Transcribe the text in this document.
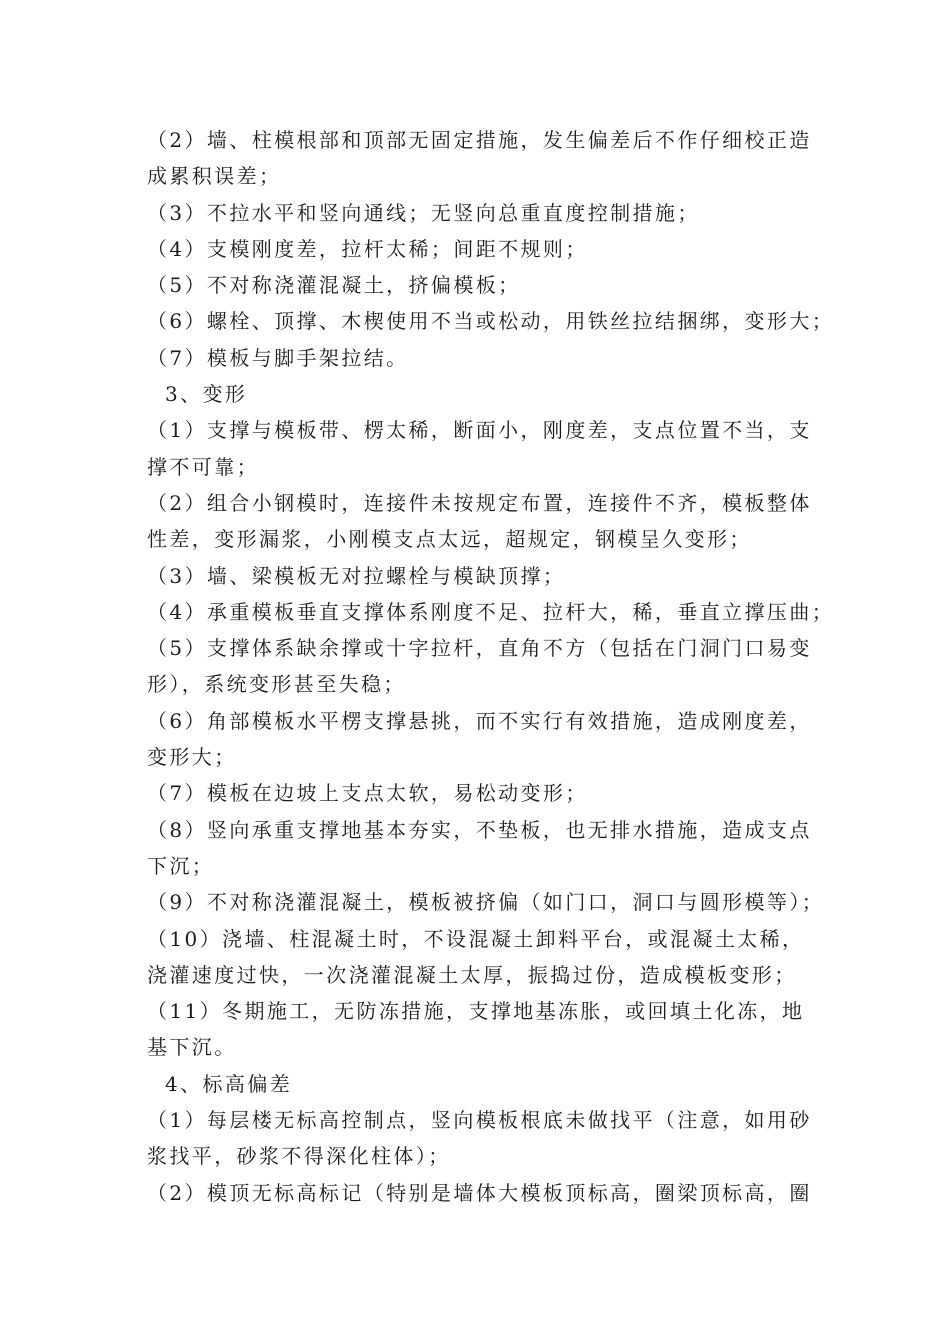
（2）墙、柱模根部和顶部无固定措施，发生偏差后不作仔细校正造
成累积误差；
（3）不拉水平和竖向通线；无竖向总重直度控制措施；
（4）支模刚度差，拉杆太稀；间距不规则；
（5）不对称浇灌混凝土，挤偏模板；
（6）螺栓、顶撑、木楔使用不当或松动，用铁丝拉结捆绑，变形大；
（7）模板与脚手架拉结。
3、变形
（1）支撑与模板带、楞太稀，断面小，刚度差，支点位置不当，支
撑不可靠；
（2）组合小钢模时，连接件未按规定布置，连接件不齐，模板整体
性差，变形漏浆，小刚模支点太远，超规定，钢模呈久变形；
（3）墙、梁模板无对拉螺栓与模缺顶撑；
（4）承重模板垂直支撑体系刚度不足、拉杆大，稀，垂直立撑压曲；
（5）支撑体系缺余撑或十字拉杆，直角不方（包括在门洞门口易变
形），系统变形甚至失稳；
（6）角部模板水平楞支撑悬挑，而不实行有效措施，造成刚度差，
变形大；
（7）模板在边坡上支点太软，易松动变形；
（8）竖向承重支撑地基本夯实，不垫板，也无排水措施，造成支点
下沉；
（9）不对称浇灌混凝土，模板被挤偏（如门口，洞口与圆形模等）；
（10）浇墙、柱混凝土时，不设混凝土卸料平台，或混凝土太稀，
浇灌速度过快，一次浇灌混凝土太厚，振捣过份，造成模板变形；
（11）冬期施工，无防冻措施，支撑地基冻胀，或回填土化冻，地
基下沉。
4、标高偏差
（1）每层楼无标高控制点，竖向模板根底未做找平（注意，如用砂
浆找平，砂浆不得深化柱体）；
（2）模顶无标高标记（特别是墙体大模板顶标高，圈梁顶标高，圈
